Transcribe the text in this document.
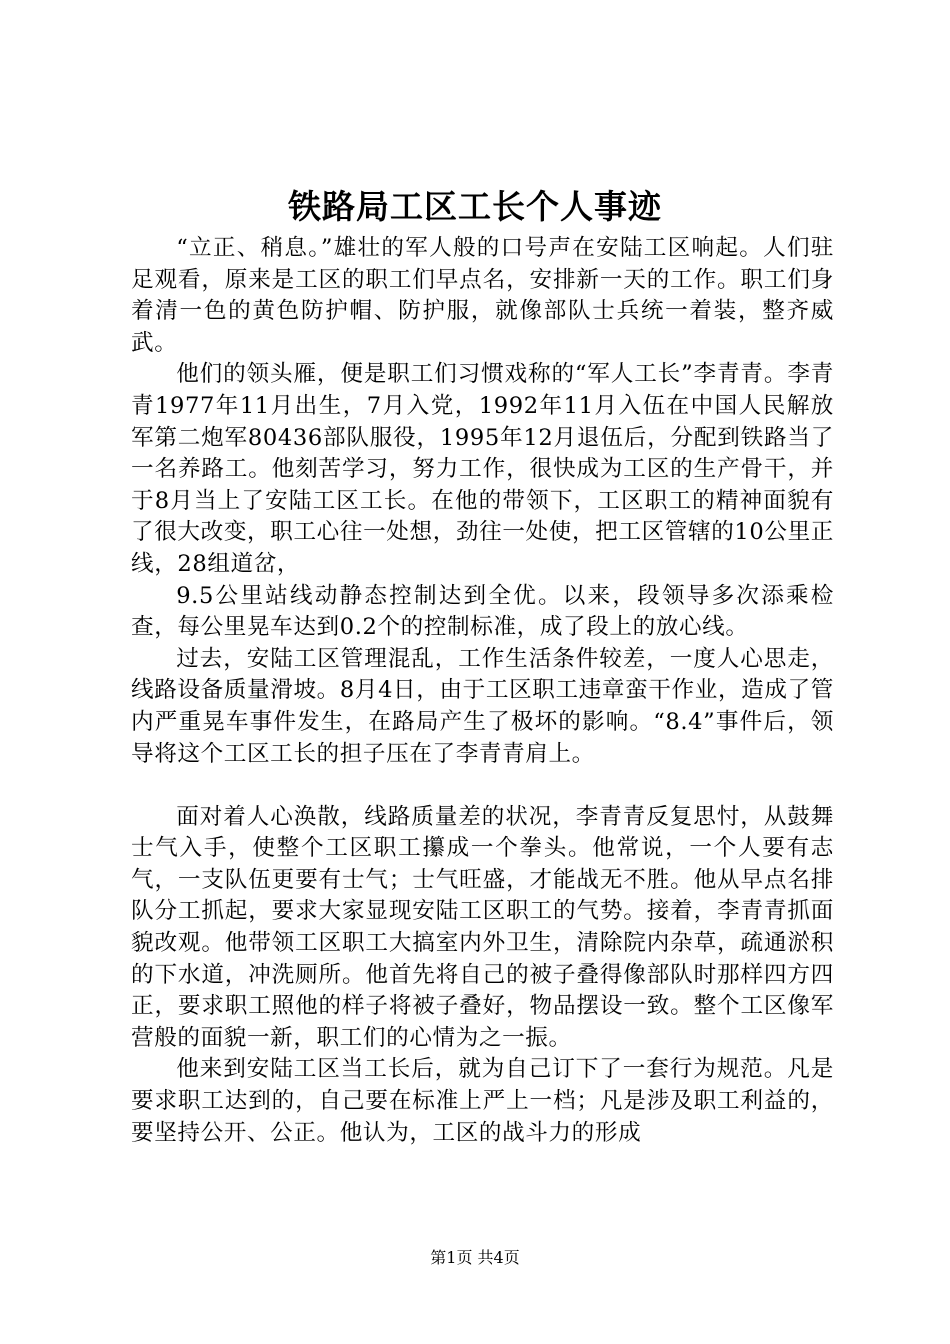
铁路局工区工长个人事迹

“立正、稍息。”雄壮的军人般的口号声在安陆工区响起。人们驻足观看，原来是工区的职工们早点名，安排新一天的工作。职工们身着清一色的黄色防护帽、防护服，就像部队士兵统一着装，整齐威武。

他们的领头雁，便是职工们习惯戏称的“军人工长”李青青。李青青1977年11月出生，7月入党，1992年11月入伍在中国人民解放军第二炮军80436部队服役，1995年12月退伍后，分配到铁路当了一名养路工。他刻苦学习，努力工作，很快成为工区的生产骨干，并于8月当上了安陆工区工长。在他的带领下，工区职工的精神面貌有了很大改变，职工心往一处想，劲往一处使，把工区管辖的10公里正线，28组道岔，

9.5公里站线动静态控制达到全优。以来，段领导多次添乘检查，每公里晃车达到0.2个的控制标准，成了段上的放心线。

过去，安陆工区管理混乱，工作生活条件较差，一度人心思走，线路设备质量滑坡。8月4日，由于工区职工违章蛮干作业，造成了管内严重晃车事件发生，在路局产生了极坏的影响。“8.4”事件后，领导将这个工区工长的担子压在了李青青肩上。

面对着人心涣散，线路质量差的状况，李青青反复思忖，从鼓舞士气入手，使整个工区职工攥成一个拳头。他常说，一个人要有志气，一支队伍更要有士气；士气旺盛，才能战无不胜。他从早点名排队分工抓起，要求大家显现安陆工区职工的气势。接着，李青青抓面貌改观。他带领工区职工大搞室内外卫生，清除院内杂草，疏通淤积的下水道，冲洗厕所。他首先将自己的被子叠得像部队时那样四方四正，要求职工照他的样子将被子叠好，物品摆设一致。整个工区像军营般的面貌一新，职工们的心情为之一振。

他来到安陆工区当工长后，就为自己订下了一套行为规范。凡是要求职工达到的，自己要在标准上严上一档；凡是涉及职工利益的，要坚持公开、公正。他认为，工区的战斗力的形成

第1页 共4页
